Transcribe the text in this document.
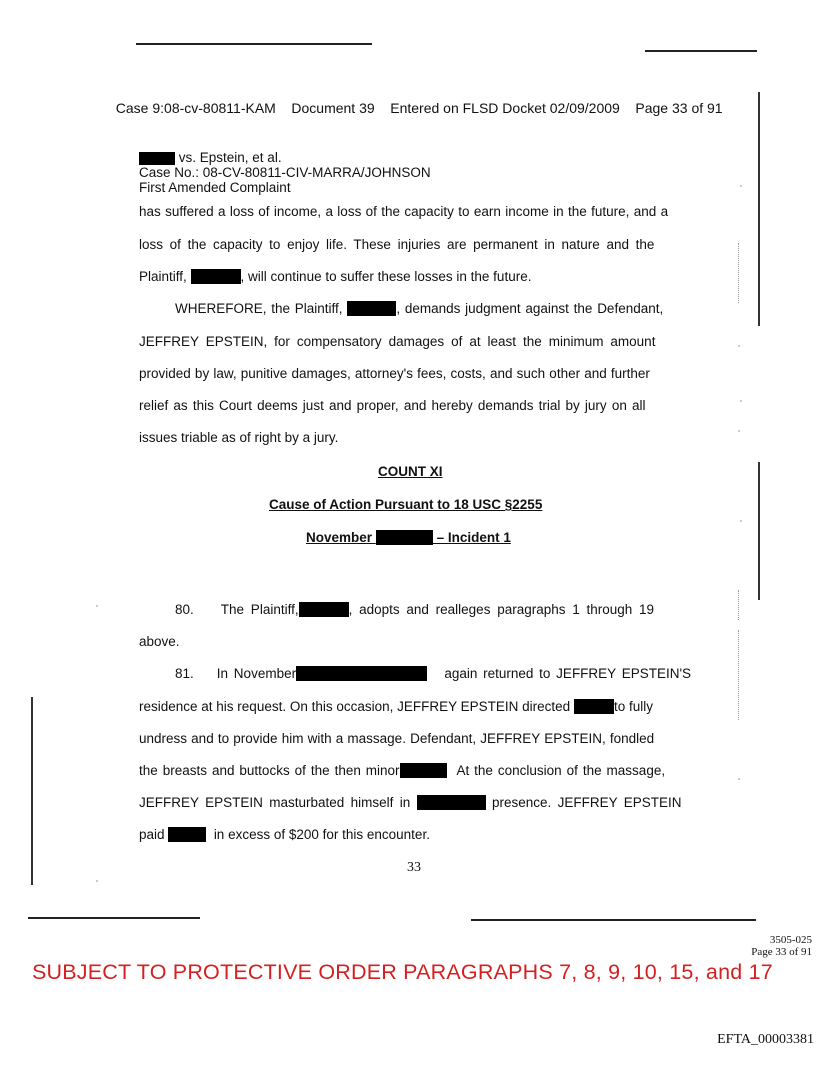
Case 9:08-cv-80811-KAM Document 39 Entered on FLSD Docket 02/09/2009 Page 33 of 91

vs. Epstein, et al.
Case No.: 08-CV-80811-CIV-MARRA/JOHNSON
First Amended Complaint
has suffered a loss of income, a loss of the capacity to earn income in the future, and a
loss of the capacity to enjoy life. These injuries are permanent in nature and the
Plaintiff,	, will continue to suffer these losses in the future.
WHEREFORE, the Plaintiff,	, demands judgment against the Defendant,
JEFFREY EPSTEIN, for compensatory damages of at least the minimum amount
provided by law, punitive damages, attorney's fees, costs, and such other and further
relief as this Court deems just and proper, and hereby demands trial by jury on all
issues triable as of right by a jury.
COUNT XI
Cause of Action Pursuant to 18 USC §2255
November	– Incident 1
80. The Plaintiff,	, adopts and realleges paragraphs 1 through 19
above.
81. In November	again returned to JEFFREY EPSTEIN'S
residence at his request. On this occasion, JEFFREY EPSTEIN directed	to fully
undress and to provide him with a massage. Defendant, JEFFREY EPSTEIN, fondled
the breasts and buttocks of the then minor	At the conclusion of the massage,
JEFFREY EPSTEIN masturbated himself in	presence. JEFFREY EPSTEIN
paid	in excess of $200 for this encounter.
33
3505-025
Page 33 of 91
SUBJECT TO PROTECTIVE ORDER PARAGRAPHS 7, 8, 9, 10, 15, and 17
EFTA_00003381
